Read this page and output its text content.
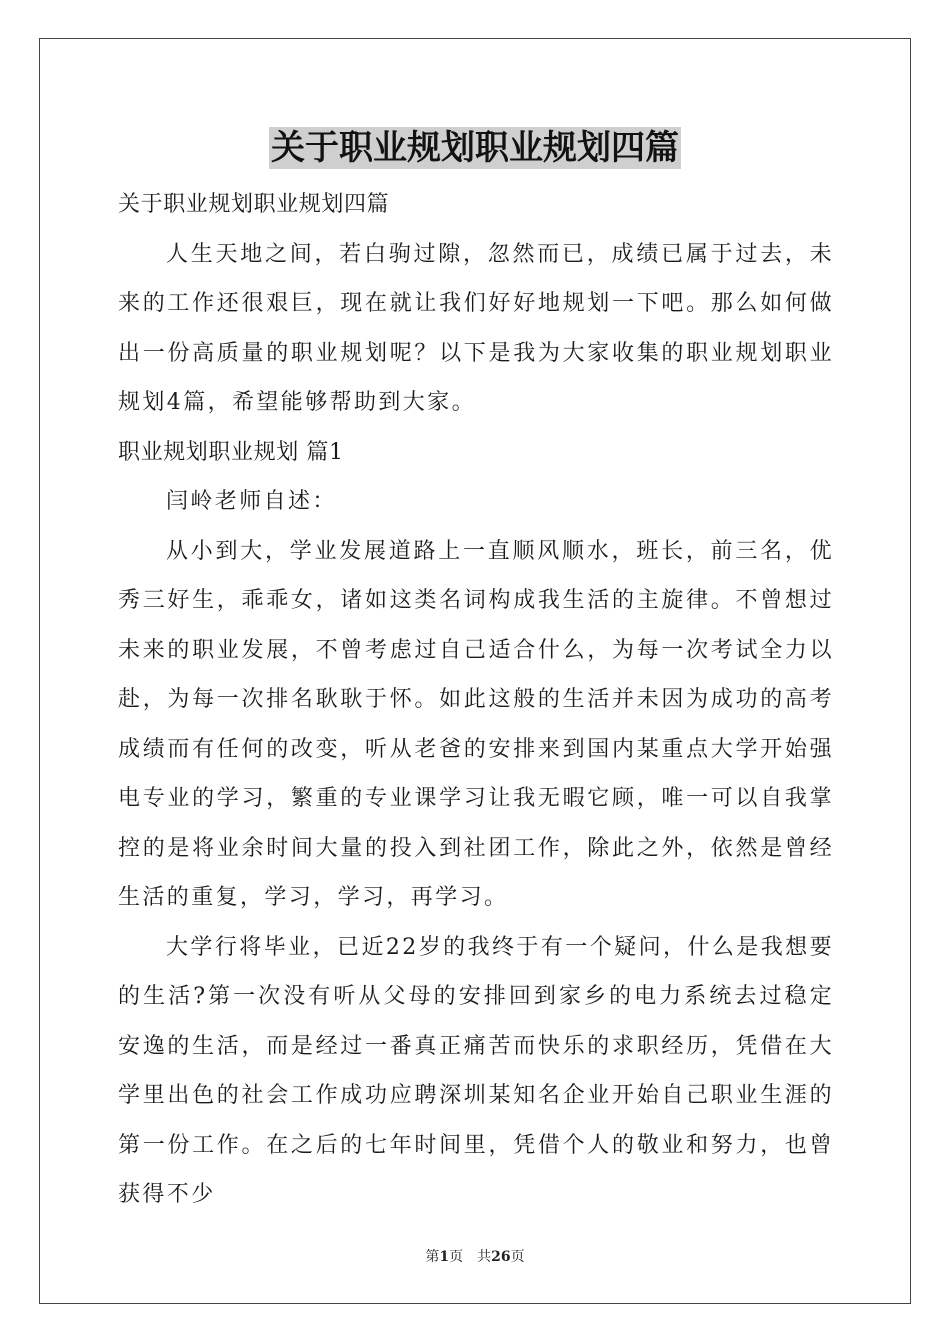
关于职业规划职业规划四篇

关于职业规划职业规划四篇

人生天地之间，若白驹过隙，忽然而已，成绩已属于过去，未来的工作还很艰巨，现在就让我们好好地规划一下吧。那么如何做出一份高质量的职业规划呢？以下是我为大家收集的职业规划职业规划4篇，希望能够帮助到大家。

职业规划职业规划 篇1

闫岭老师自述：

从小到大，学业发展道路上一直顺风顺水，班长，前三名，优秀三好生，乖乖女，诸如这类名词构成我生活的主旋律。不曾想过未来的职业发展，不曾考虑过自己适合什么，为每一次考试全力以赴，为每一次排名耿耿于怀。如此这般的生活并未因为成功的高考成绩而有任何的改变，听从老爸的安排来到国内某重点大学开始强电专业的学习，繁重的专业课学习让我无暇它顾，唯一可以自我掌控的是将业余时间大量的投入到社团工作，除此之外，依然是曾经生活的重复，学习，学习，再学习。

大学行将毕业，已近22岁的我终于有一个疑问，什么是我想要的生活?第一次没有听从父母的安排回到家乡的电力系统去过稳定安逸的生活，而是经过一番真正痛苦而快乐的求职经历，凭借在大学里出色的社会工作成功应聘深圳某知名企业开始自己职业生涯的第一份工作。在之后的七年时间里，凭借个人的敬业和努力，也曾获得不少

第1页 共26页
